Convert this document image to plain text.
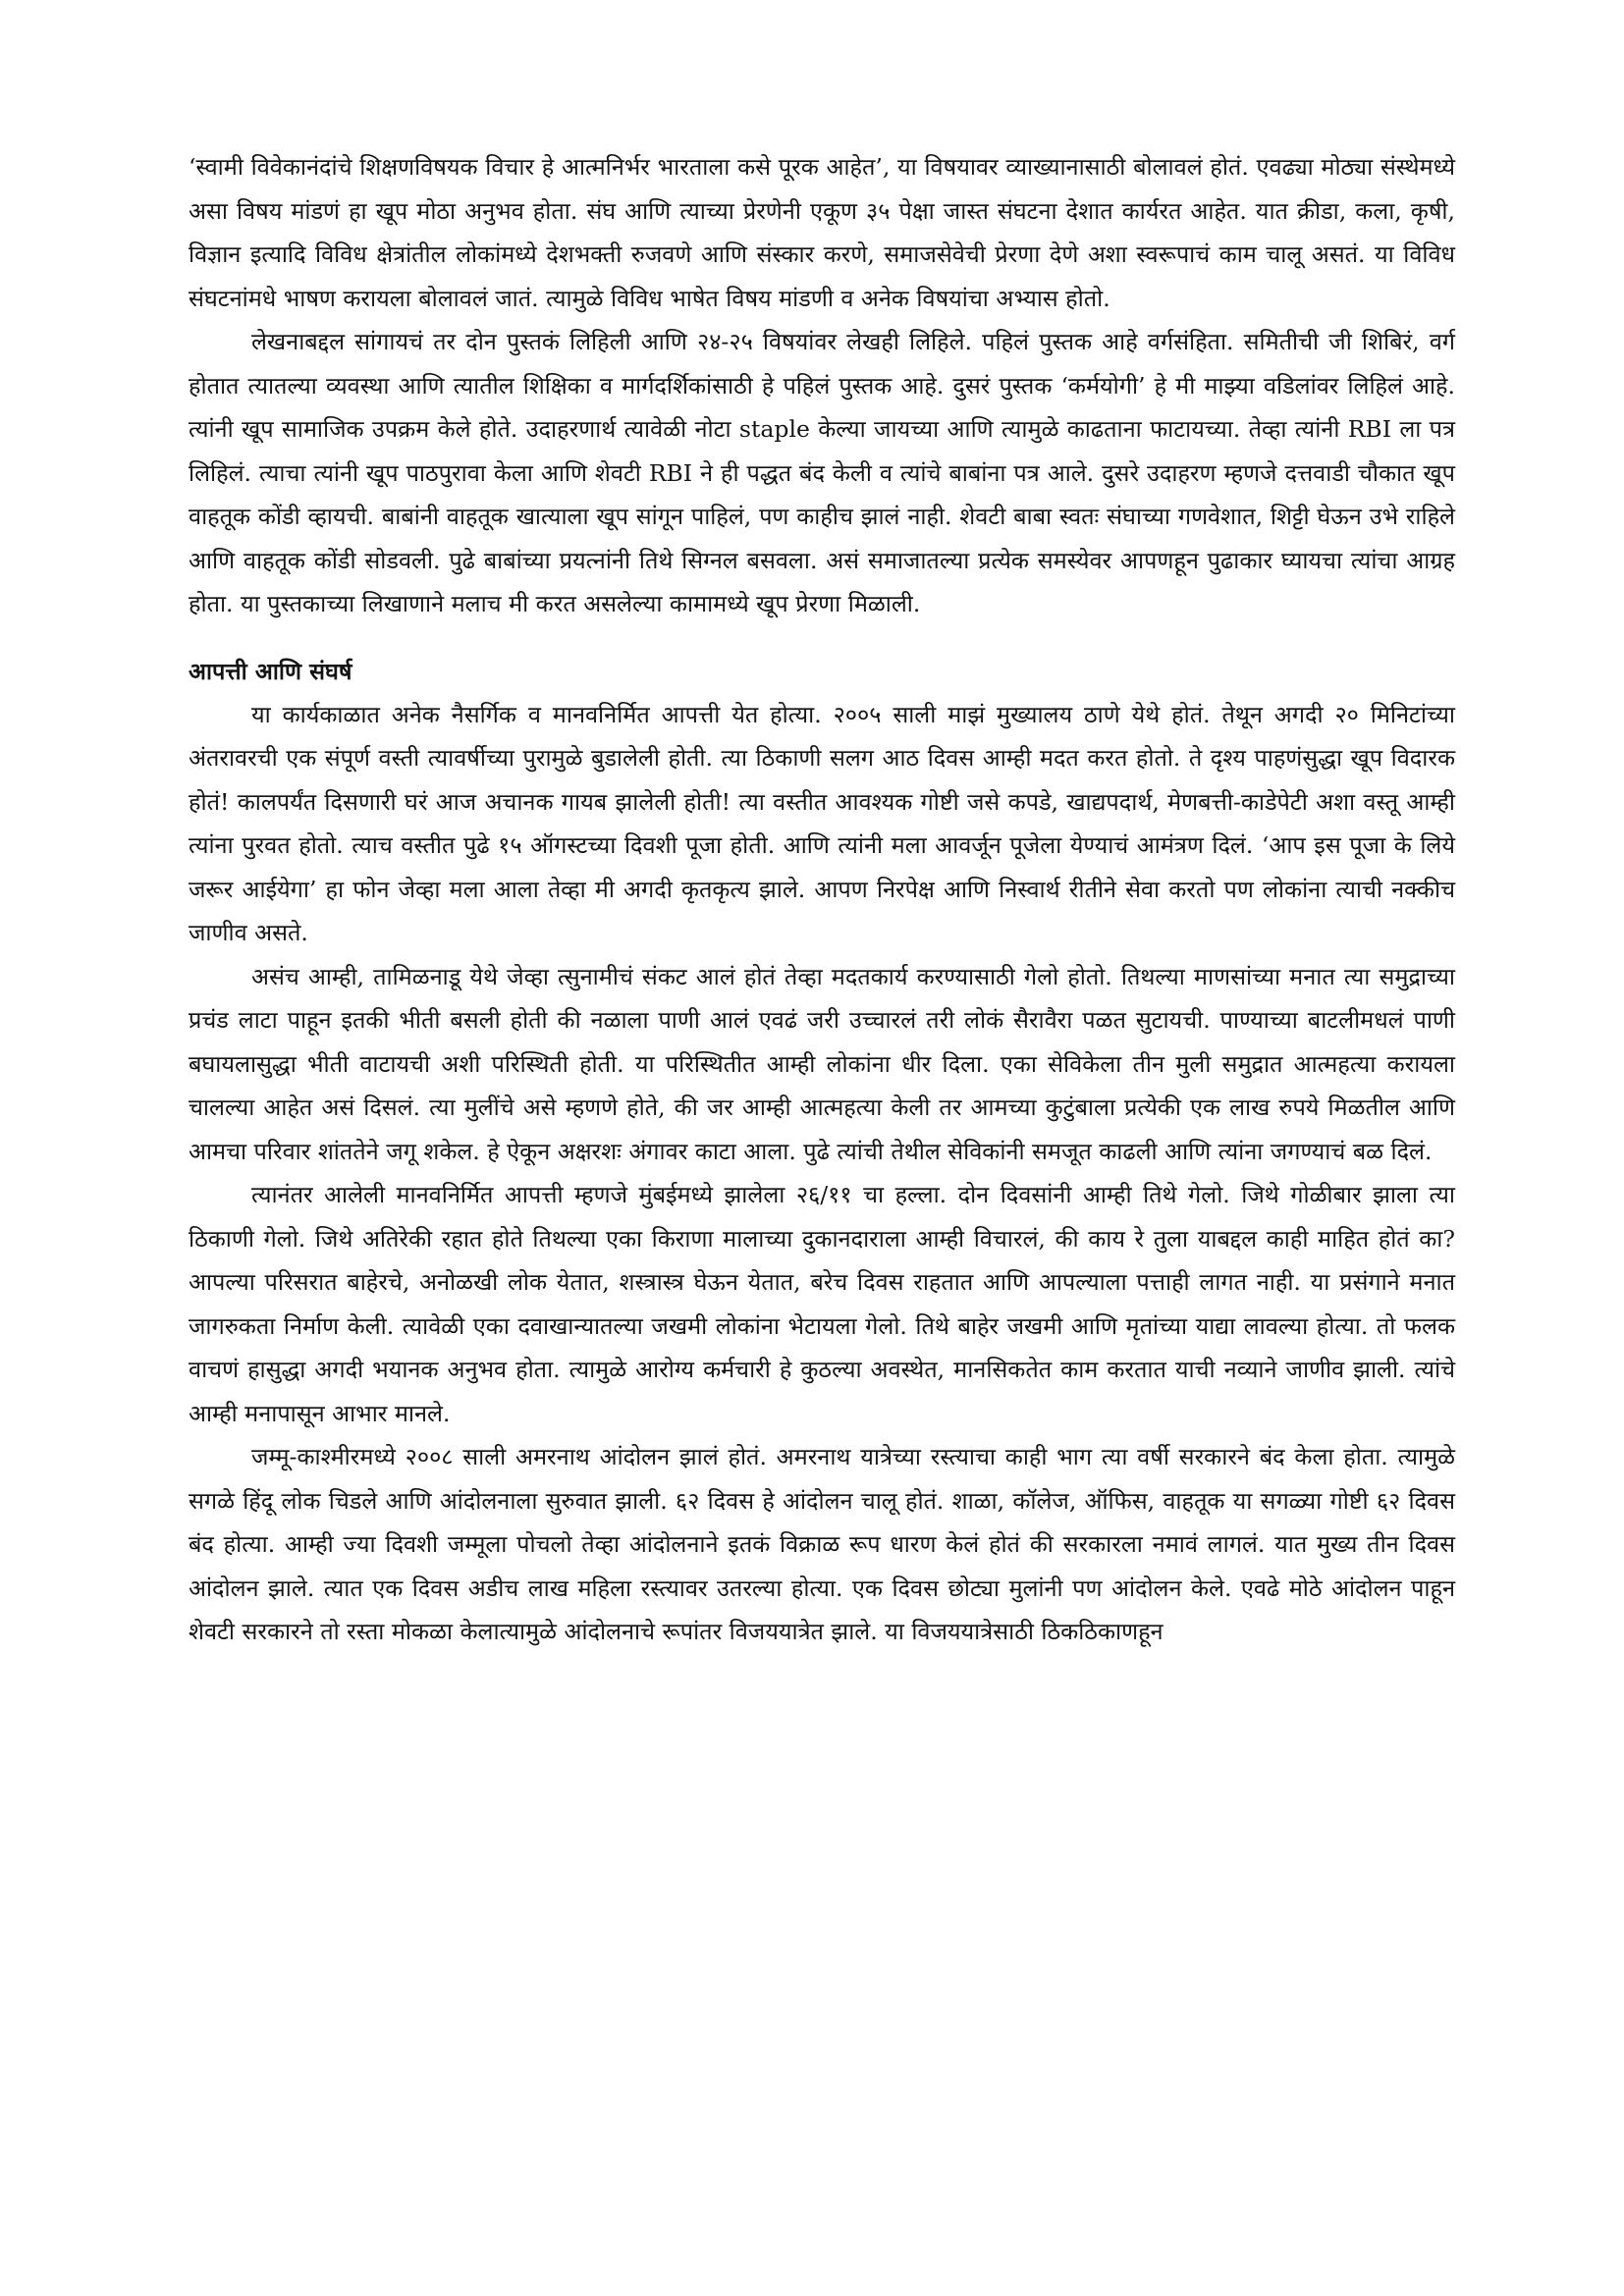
‘स्वामी विवेकानंदांचे शिक्षणविषयक विचार हे आत्मनिर्भर भारताला कसे पूरक आहेत’, या विषयावर व्याख्यानासाठी बोलावलं होतं. एवढ्या मोठ्या संस्थेमध्ये असा विषय मांडणं हा खूप मोठा अनुभव होता. संघ आणि त्याच्या प्रेरणेनी एकूण ३५ पेक्षा जास्त संघटना देशात कार्यरत आहेत. यात क्रीडा, कला, कृषी, विज्ञान इत्यादि विविध क्षेत्रांतील लोकांमध्ये देशभक्ती रुजवणे आणि संस्कार करणे, समाजसेवेची प्रेरणा देणे अशा स्वरूपाचं काम चालू असतं. या विविध संघटनांमधे भाषण करायला बोलावलं जातं. त्यामुळे विविध भाषेत विषय मांडणी व अनेक विषयांचा अभ्यास होतो.

लेखनाबद्दल सांगायचं तर दोन पुस्तकं लिहिली आणि २४-२५ विषयांवर लेखही लिहिले. पहिलं पुस्तक आहे वर्गसंहिता. समितीची जी शिबिरं, वर्ग होतात त्यातल्या व्यवस्था आणि त्यातील शिक्षिका व मार्गदर्शिकांसाठी हे पहिलं पुस्तक आहे. दुसरं पुस्तक ‘कर्मयोगी’ हे मी माझ्या वडिलांवर लिहिलं आहे. त्यांनी खूप सामाजिक उपक्रम केले होते. उदाहरणार्थ त्यावेळी नोटा staple केल्या जायच्या आणि त्यामुळे काढताना फाटायच्या. तेव्हा त्यांनी RBI ला पत्र लिहिलं. त्याचा त्यांनी खूप पाठपुरावा केला आणि शेवटी RBI ने ही पद्धत बंद केली व त्यांचे बाबांना पत्र आले. दुसरे उदाहरण म्हणजे दत्तवाडी चौकात खूप वाहतूक कोंडी व्हायची. बाबांनी वाहतूक खात्याला खूप सांगून पाहिलं, पण काहीच झालं नाही. शेवटी बाबा स्वतः संघाच्या गणवेशात, शिट्टी घेऊन उभे राहिले आणि वाहतूक कोंडी सोडवली. पुढे बाबांच्या प्रयत्नांनी तिथे सिग्नल बसवला. असं समाजातल्या प्रत्येक समस्येवर आपणहून पुढाकार घ्यायचा त्यांचा आग्रह होता. या पुस्तकाच्या लिखाणाने मलाच मी करत असलेल्या कामामध्ये खूप प्रेरणा मिळाली.

आपत्ती आणि संघर्ष

या कार्यकाळात अनेक नैसर्गिक व मानवनिर्मित आपत्ती येत होत्या. २००५ साली माझं मुख्यालय ठाणे येथे होतं. तेथून अगदी २० मिनिटांच्या अंतरावरची एक संपूर्ण वस्ती त्यावर्षीच्या पुरामुळे बुडालेली होती. त्या ठिकाणी सलग आठ दिवस आम्ही मदत करत होतो. ते दृश्य पाहणंसुद्धा खूप विदारक होतं! कालपर्यंत दिसणारी घरं आज अचानक गायब झालेली होती! त्या वस्तीत आवश्यक गोष्टी जसे कपडे, खाद्यपदार्थ, मेणबत्ती-काडेपेटी अशा वस्तू आम्ही त्यांना पुरवत होतो. त्याच वस्तीत पुढे १५ ऑगस्टच्या दिवशी पूजा होती. आणि त्यांनी मला आवर्जून पूजेला येण्याचं आमंत्रण दिलं. ‘आप इस पूजा के लिये जरूर आईयेगा’ हा फोन जेव्हा मला आला तेव्हा मी अगदी कृतकृत्य झाले. आपण निरपेक्ष आणि निस्वार्थ रीतीने सेवा करतो पण लोकांना त्याची नक्कीच जाणीव असते.

असंच आम्ही, तामिळनाडू येथे जेव्हा त्सुनामीचं संकट आलं होतं तेव्हा मदतकार्य करण्यासाठी गेलो होतो. तिथल्या माणसांच्या मनात त्या समुद्राच्या प्रचंड लाटा पाहून इतकी भीती बसली होती की नळाला पाणी आलं एवढं जरी उच्चारलं तरी लोकं सैरावैरा पळत सुटायची. पाण्याच्या बाटलीमधलं पाणी बघायलासुद्धा भीती वाटायची अशी परिस्थिती होती. या परिस्थितीत आम्ही लोकांना धीर दिला. एका सेविकेला तीन मुली समुद्रात आत्महत्या करायला चालल्या आहेत असं दिसलं. त्या मुलींचे असे म्हणणे होते, की जर आम्ही आत्महत्या केली तर आमच्या कुटुंबाला प्रत्येकी एक लाख रुपये मिळतील आणि आमचा परिवार शांततेने जगू शकेल. हे ऐकून अक्षरशः अंगावर काटा आला. पुढे त्यांची तेथील सेविकांनी समजूत काढली आणि त्यांना जगण्याचं बळ दिलं.

त्यानंतर आलेली मानवनिर्मित आपत्ती म्हणजे मुंबईमध्ये झालेला २६/११ चा हल्ला. दोन दिवसांनी आम्ही तिथे गेलो. जिथे गोळीबार झाला त्या ठिकाणी गेलो. जिथे अतिरेकी रहात होते तिथल्या एका किराणा मालाच्या दुकानदाराला आम्ही विचारलं, की काय रे तुला याबद्दल काही माहित होतं का? आपल्या परिसरात बाहेरचे, अनोळखी लोक येतात, शस्त्रास्त्र घेऊन येतात, बरेच दिवस राहतात आणि आपल्याला पत्ताही लागत नाही. या प्रसंगाने मनात जागरुकता निर्माण केली. त्यावेळी एका दवाखान्यातल्या जखमी लोकांना भेटायला गेलो. तिथे बाहेर जखमी आणि मृतांच्या याद्या लावल्या होत्या. तो फलक वाचणं हासुद्धा अगदी भयानक अनुभव होता. त्यामुळे आरोग्य कर्मचारी हे कुठल्या अवस्थेत, मानसिकतेत काम करतात याची नव्याने जाणीव झाली. त्यांचे आम्ही मनापासून आभार मानले.

जम्मू-काश्मीरमध्ये २००८ साली अमरनाथ आंदोलन झालं होतं. अमरनाथ यात्रेच्या रस्त्याचा काही भाग त्या वर्षी सरकारने बंद केला होता. त्यामुळे सगळे हिंदू लोक चिडले आणि आंदोलनाला सुरुवात झाली. ६२ दिवस हे आंदोलन चालू होतं. शाळा, कॉलेज, ऑफिस, वाहतूक या सगळ्या गोष्टी ६२ दिवस बंद होत्या. आम्ही ज्या दिवशी जम्मूला पोचलो तेव्हा आंदोलनाने इतकं विक्राळ रूप धारण केलं होतं की सरकारला नमावं लागलं. यात मुख्य तीन दिवस आंदोलन झाले. त्यात एक दिवस अडीच लाख महिला रस्त्यावर उतरल्या होत्या. एक दिवस छोट्या मुलांनी पण आंदोलन केले. एवढे मोठे आंदोलन पाहून शेवटी सरकारने तो रस्ता मोकळा केलात्यामुळे आंदोलनाचे रूपांतर विजययात्रेत झाले. या विजययात्रेसाठी ठिकठिकाणहून
